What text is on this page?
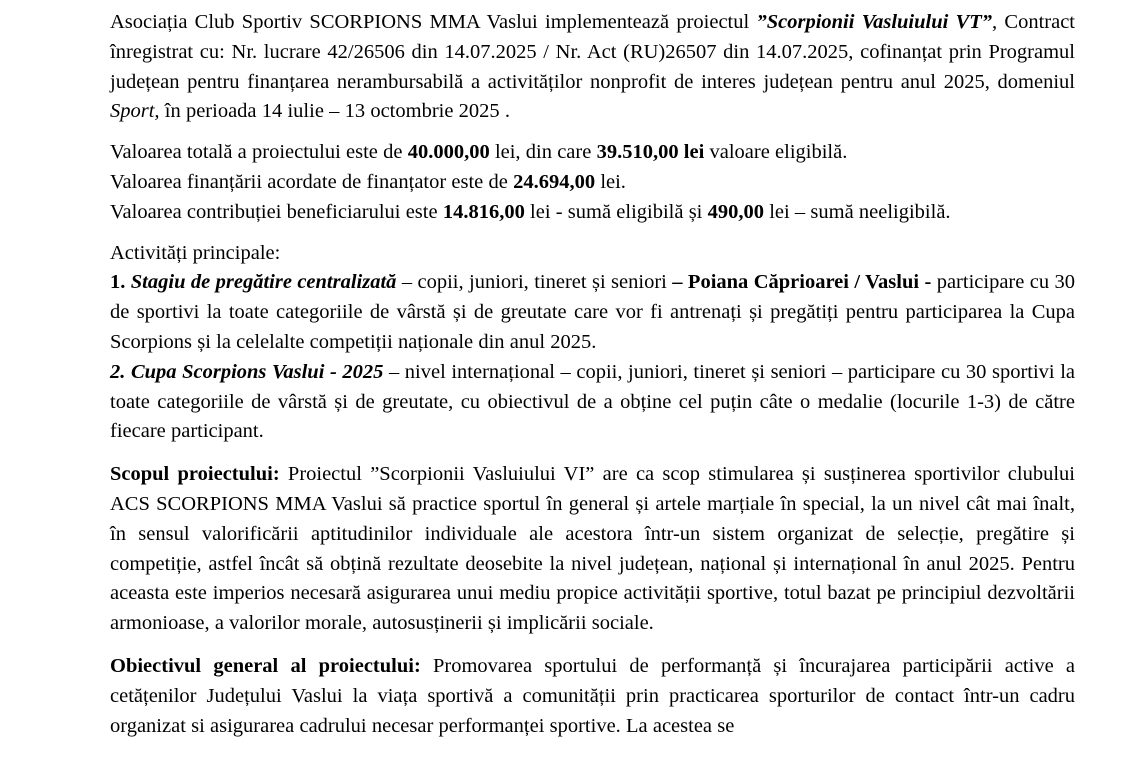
Asociația Club Sportiv SCORPIONS MMA Vaslui implementează proiectul ”Scorpionii Vasluiului VT”, Contract înregistrat cu: Nr. lucrare 42/26506 din 14.07.2025 / Nr. Act (RU)26507 din 14.07.2025, cofinanțat prin Programul județean pentru finanțarea nerambursabilă a activităților nonprofit de interes județean pentru anul 2025, domeniul Sport, în perioada 14 iulie – 13 octombrie 2025 .

Valoarea totală a proiectului este de 40.000,00 lei, din care 39.510,00 lei valoare eligibilă.

Valoarea finanțării acordate de finanțator este de 24.694,00 lei.

Valoarea contribuției beneficiarului este 14.816,00 lei - sumă eligibilă și 490,00 lei – sumă neeligibilă.

Activități principale:

1. Stagiu de pregătire centralizată – copii, juniori, tineret și seniori – Poiana Căprioarei / Vaslui - participare cu 30 de sportivi la toate categoriile de vârstă și de greutate care vor fi antrenați și pregătiți pentru participarea la Cupa Scorpions și la celelalte competiții naționale din anul 2025.

2. Cupa Scorpions Vaslui - 2025 – nivel internațional – copii, juniori, tineret și seniori – participare cu 30 sportivi la toate categoriile de vârstă și de greutate, cu obiectivul de a obține cel puțin câte o medalie (locurile 1-3) de către fiecare participant.

Scopul proiectului: Proiectul ”Scorpionii Vasluiului VI” are ca scop stimularea și susținerea sportivilor clubului ACS SCORPIONS MMA Vaslui să practice sportul în general și artele marțiale în special, la un nivel cât mai înalt, în sensul valorificării aptitudinilor individuale ale acestora într-un sistem organizat de selecție, pregătire și competiție, astfel încât să obțină rezultate deosebite la nivel județean, național și internațional în anul 2025. Pentru aceasta este imperios necesară asigurarea unui mediu propice activității sportive, totul bazat pe principiul dezvoltării armonioase, a valorilor morale, autosusținerii și implicării sociale.

Obiectivul general al proiectului: Promovarea sportului de performanță și încurajarea participării active a cetățenilor Județului Vaslui la viața sportivă a comunității prin practicarea sporturilor de contact într-un cadru organizat si asigurarea cadrului necesar performanței sportive. La acestea se
